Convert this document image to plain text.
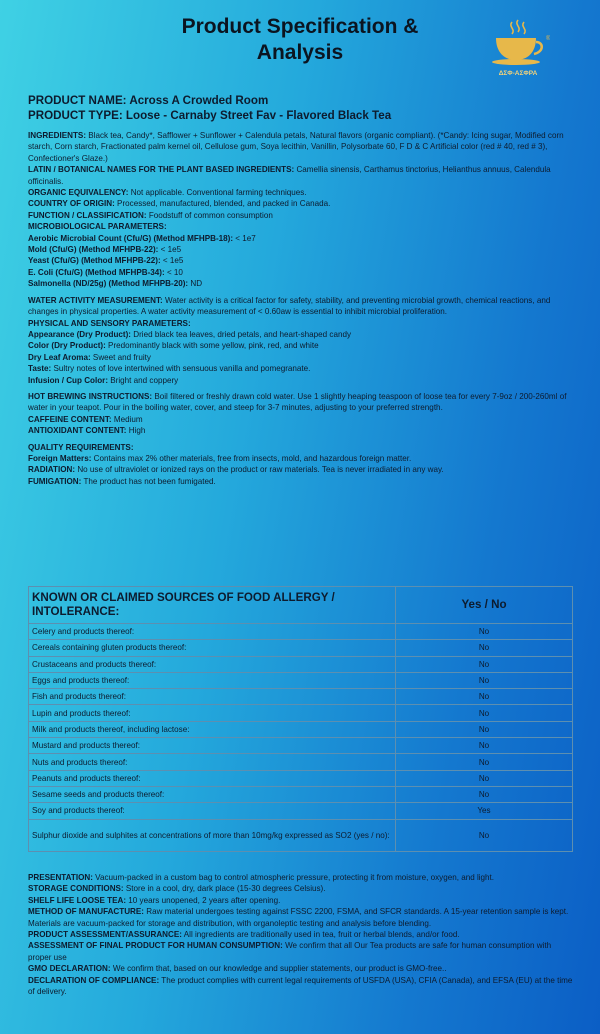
Product Specification &
Analysis
®
ΔΣΦ-ΑΣΦΡΑ
PRODUCT NAME: Across A Crowded Room
PRODUCT TYPE: Loose - Carnaby Street Fav - Flavored Black Tea

INGREDIENTS: Black tea, Candy*, Safflower + Sunflower + Calendula petals, Natural flavors (organic compliant). (*Candy: Icing sugar, Modified corn starch, Corn starch, Fractionated palm kernel oil, Cellulose gum, Soya lecithin, Vanillin, Polysorbate 60, F D & C Artificial color (red # 40, red # 3), Confectioner's Glaze.)

LATIN / BOTANICAL NAMES FOR THE PLANT BASED INGREDIENTS: Camellia sinensis, Carthamus tinctorius, Helianthus annuus, Calendula officinalis.

ORGANIC EQUIVALENCY: Not applicable. Conventional farming techniques.

COUNTRY OF ORIGIN: Processed, manufactured, blended, and packed in Canada.

FUNCTION / CLASSIFICATION: Foodstuff of common consumption

MICROBIOLOGICAL PARAMETERS:

Aerobic Microbial Count (Cfu/G) (Method MFHPB-18): < 1e7

Mold (Cfu/G) (Method MFHPB-22): < 1e5

Yeast (Cfu/G) (Method MFHPB-22): < 1e5

E. Coli (Cfu/G) (Method MFHPB-34): < 10

Salmonella (ND/25g) (Method MFHPB-20): ND

WATER ACTIVITY MEASUREMENT: Water activity is a critical factor for safety, stability, and preventing microbial growth, chemical reactions, and changes in physical properties. A water activity measurement of < 0.60aw is essential to inhibit microbial proliferation.

PHYSICAL AND SENSORY PARAMETERS:

Appearance (Dry Product): Dried black tea leaves, dried petals, and heart-shaped candy

Color (Dry Product): Predominantly black with some yellow, pink, red, and white

Dry Leaf Aroma: Sweet and fruity

Taste: Sultry notes of love intertwined with sensuous vanilla and pomegranate.

Infusion / Cup Color: Bright and coppery

HOT BREWING INSTRUCTIONS: Boil filtered or freshly drawn cold water. Use 1 slightly heaping teaspoon of loose tea for every 7-9oz / 200-260ml of water in your teapot. Pour in the boiling water, cover, and steep for 3-7 minutes, adjusting to your preferred strength.

CAFFEINE CONTENT: Medium

ANTIOXIDANT CONTENT: High

QUALITY REQUIREMENTS:

Foreign Matters: Contains max 2% other materials, free from insects, mold, and hazardous foreign matter.

RADIATION: No use of ultraviolet or ionized rays on the product or raw materials. Tea is never irradiated in any way.

FUMIGATION: The product has not been fumigated.

KNOWN OR CLAIMED SOURCES OF FOOD ALLERGY / INTOLERANCE:	Yes / No
Celery and products thereof:	No
Cereals containing gluten products thereof:	No
Crustaceans and products thereof:	No
Eggs and products thereof:	No
Fish and products thereof:	No
Lupin and products thereof:	No
Milk and products thereof, including lactose:	No
Mustard and products thereof:	No
Nuts and products thereof:	No
Peanuts and products thereof:	No
Sesame seeds and products thereof:	No
Soy and products thereof:	Yes
Sulphur dioxide and sulphites at concentrations of more than 10mg/kg expressed as SO2 (yes / no):	No

PRESENTATION: Vacuum-packed in a custom bag to control atmospheric pressure, protecting it from moisture, oxygen, and light.

STORAGE CONDITIONS: Store in a cool, dry, dark place (15-30 degrees Celsius).

SHELF LIFE LOOSE TEA: 10 years unopened, 2 years after opening.

METHOD OF MANUFACTURE: Raw material undergoes testing against FSSC 2200, FSMA, and SFCR standards. A 15-year retention sample is kept. Materials are vacuum-packed for storage and distribution, with organoleptic testing and analysis before blending.

PRODUCT ASSESSMENT/ASSURANCE: All ingredients are traditionally used in tea, fruit or herbal blends, and/or food.

ASSESSMENT OF FINAL PRODUCT FOR HUMAN CONSUMPTION: We confirm that all Our Tea products are safe for human consumption with proper use

GMO DECLARATION: We confirm that, based on our knowledge and supplier statements, our product is GMO-free..

DECLARATION OF COMPLIANCE: The product complies with current legal requirements of USFDA (USA), CFIA (Canada), and EFSA (EU) at the time of delivery.
